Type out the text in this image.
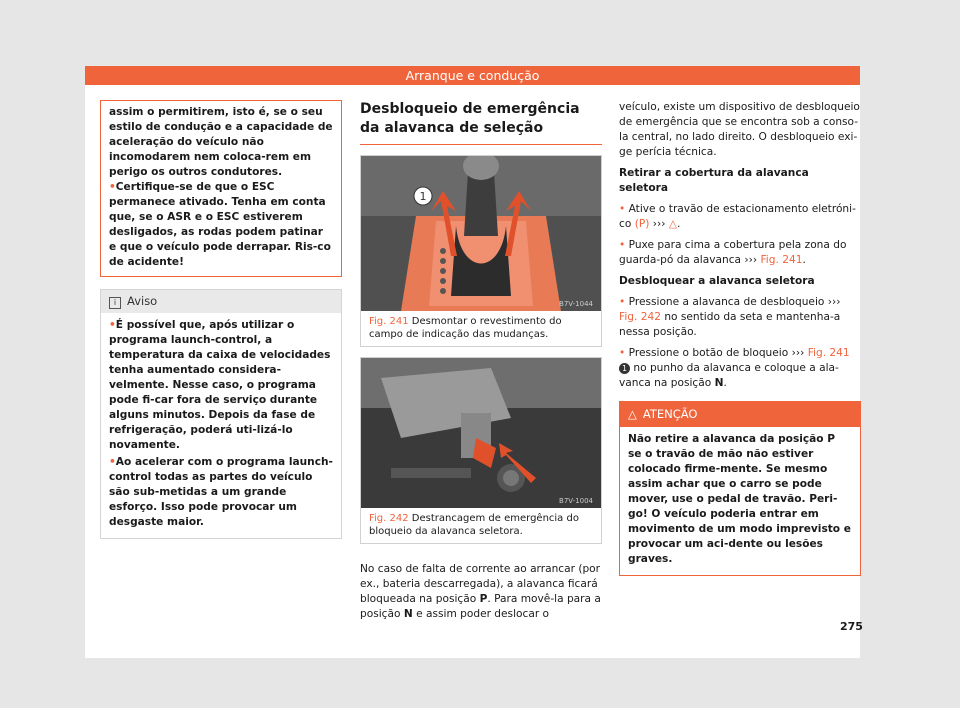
Arranque e condução

assim o permitirem, isto é, se o seu estilo de condução e a capacidade de aceleração do veículo não incomodarem nem coloca-rem em perigo os outros condutores.

• Certifique-se de que o ESC permanece ativado. Tenha em conta que, se o ASR e o ESC estiverem desligados, as rodas podem patinar e que o veículo pode derrapar. Ris-co de acidente!

i Aviso

• É possível que, após utilizar o programa launch-control, a temperatura da caixa de velocidades tenha aumentado considera-velmente. Nesse caso, o programa pode fi-car fora de serviço durante alguns minutos. Depois da fase de refrigeração, poderá uti-lizá-lo novamente.

• Ao acelerar com o programa launch-control todas as partes do veículo são sub-metidas a um grande esforço. Isso pode provocar um desgaste maior.

Desbloqueio de emergência da alavanca de seleção
1
B7V-1044
Fig. 241 Desmontar o revestimento do campo de indicação das mudanças.
B7V-1004
Fig. 242 Destrancagem de emergência do bloqueio da alavanca seletora.

No caso de falta de corrente ao arrancar (por ex., bateria descarregada), a alavanca ficará bloqueada na posição P. Para movê-la para a posição N e assim poder deslocar o

veículo, existe um dispositivo de desbloqueio de emergência que se encontra sob a conso-la central, no lado direito. O desbloqueio exi-ge perícia técnica.

Retirar a cobertura da alavanca seletora

• Ative o travão de estacionamento eletróni-co (P) ››› △.

• Puxe para cima a cobertura pela zona do guarda-pó da alavanca ››› Fig. 241.

Desbloquear a alavanca seletora

• Pressione a alavanca de desbloqueio ››› Fig. 242 no sentido da seta e mantenha-a nessa posição.

• Pressione o botão de bloqueio ››› Fig. 241 1 no punho da alavanca e coloque a ala-vanca na posição N.

△ ATENÇÃO
Não retire a alavanca da posição P se o travão de mão não estiver colocado firme-mente. Se mesmo assim achar que o carro se pode mover, use o pedal de travão. Peri-go! O veículo poderia entrar em movimento de um modo imprevisto e provocar um aci-dente ou lesões graves.
275
